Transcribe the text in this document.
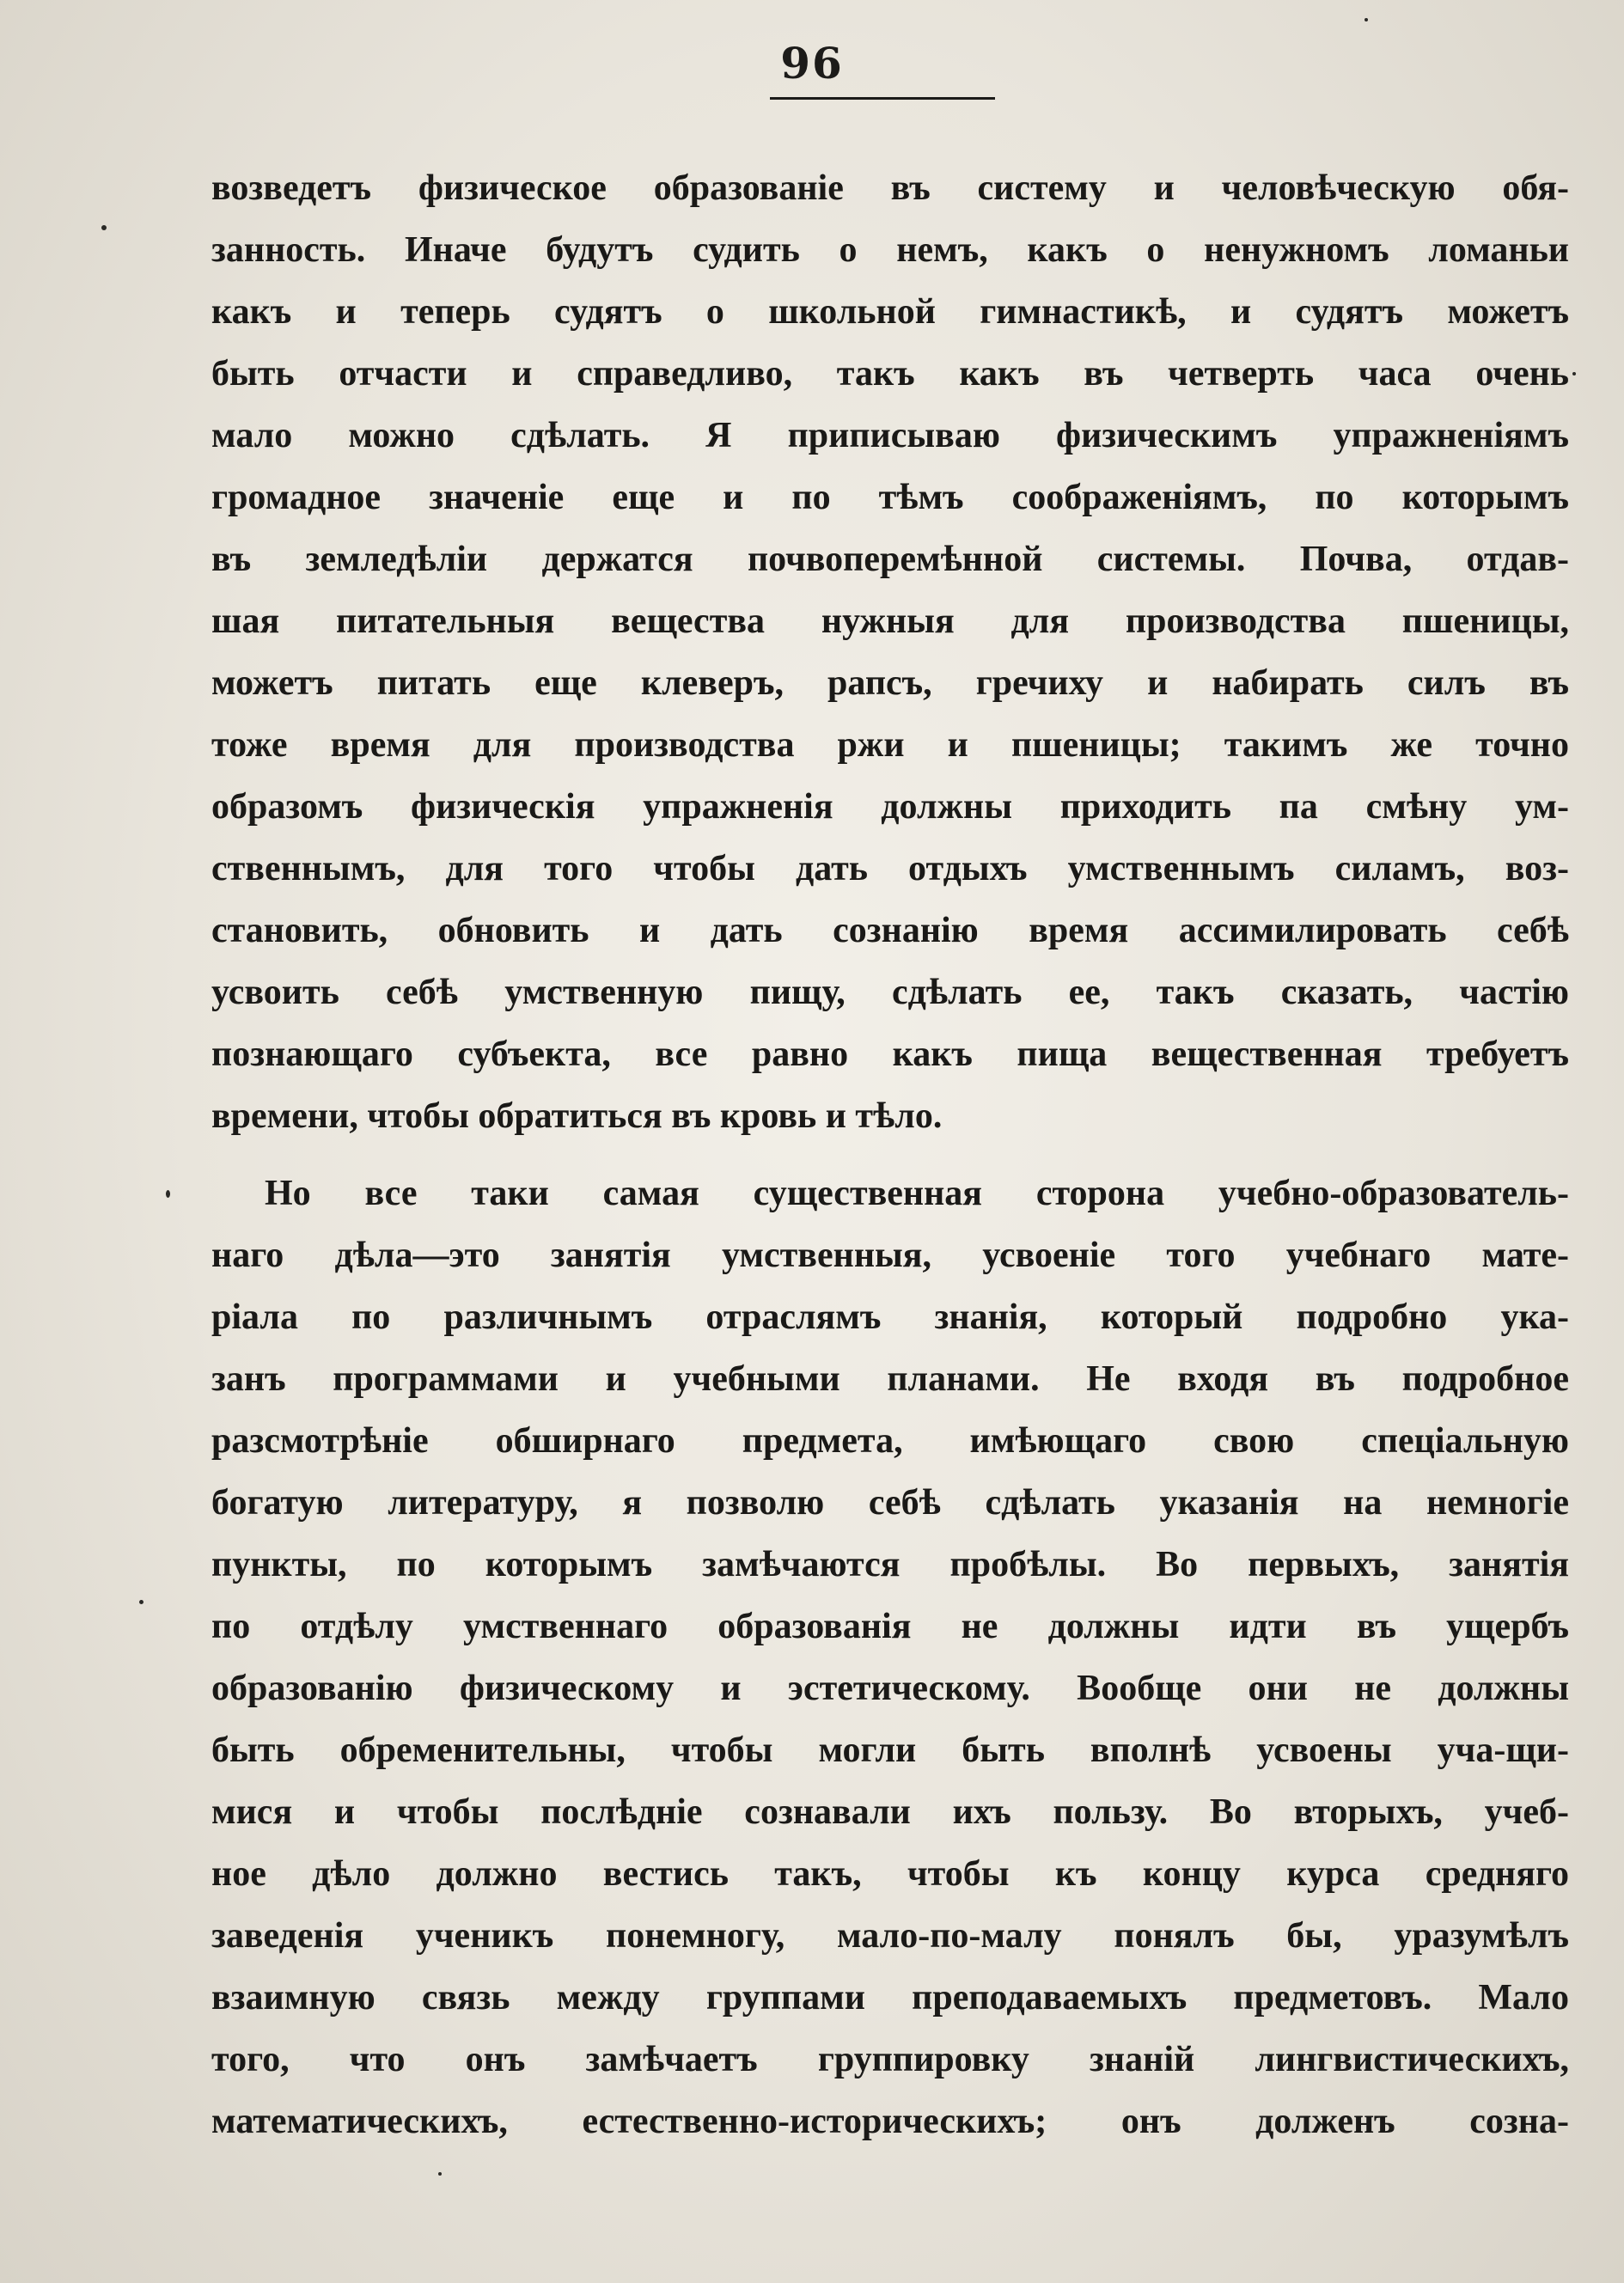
96
возведетъ физическое образованіе въ систему и человѣческую обя-
занность. Иначе будутъ судить о немъ, какъ о ненужномъ ломаньи
какъ и теперь судятъ о школьной гимнастикѣ, и судятъ можетъ
быть отчасти и справедливо, такъ какъ въ четверть часа очень
мало можно сдѣлать. Я приписываю физическимъ упражненіямъ
громадное значеніе еще и по тѣмъ соображеніямъ, по которымъ
въ земледѣліи держатся почвоперемѣнной системы. Почва, отдав-
шая питательныя вещества нужныя для производства пшеницы,
можетъ питать еще клеверъ, рапсъ, гречиху и набирать силъ въ
тоже время для производства ржи и пшеницы; такимъ же точно
образомъ физическія упражненія должны приходить па смѣну ум-
ственнымъ, для того чтобы дать отдыхъ умственнымъ силамъ, воз-
становить, обновить и дать сознанію время ассимилировать себѣ
усвоить себѣ умственную пищу, сдѣлать ее, такъ сказать, частію
познающаго субъекта, все равно какъ пища вещественная требуетъ
времени, чтобы обратиться въ кровь и тѣло.
Но все таки самая существенная сторона учебно-образователь-
наго дѣла—это занятія умственныя, усвоеніе того учебнаго мате-
ріала по различнымъ отраслямъ знанія, который подробно ука-
занъ программами и учебными планами. Не входя въ подробное
разсмотрѣніе обширнаго предмета, имѣющаго свою спеціальную
богатую литературу, я позволю себѣ сдѣлать указанія на немногіе
пункты, по которымъ замѣчаются пробѣлы. Во первыхъ, занятія
по отдѣлу умственнаго образованія не должны идти въ ущербъ
образованію физическому и эстетическому. Вообще они не должны
быть обременительны, чтобы могли быть вполнѣ усвоены уча-щи-
мися и чтобы послѣдніе сознавали ихъ пользу. Во вторыхъ, учеб-
ное дѣло должно вестись такъ, чтобы къ концу курса средняго
заведенія ученикъ понемногу, мало-по-малу понялъ бы, уразумѣлъ
взаимную связь между группами преподаваемыхъ предметовъ. Мало
того, что онъ замѣчаетъ группировку знаній лингвистическихъ,
математическихъ, естественно-историческихъ; онъ долженъ созна-
